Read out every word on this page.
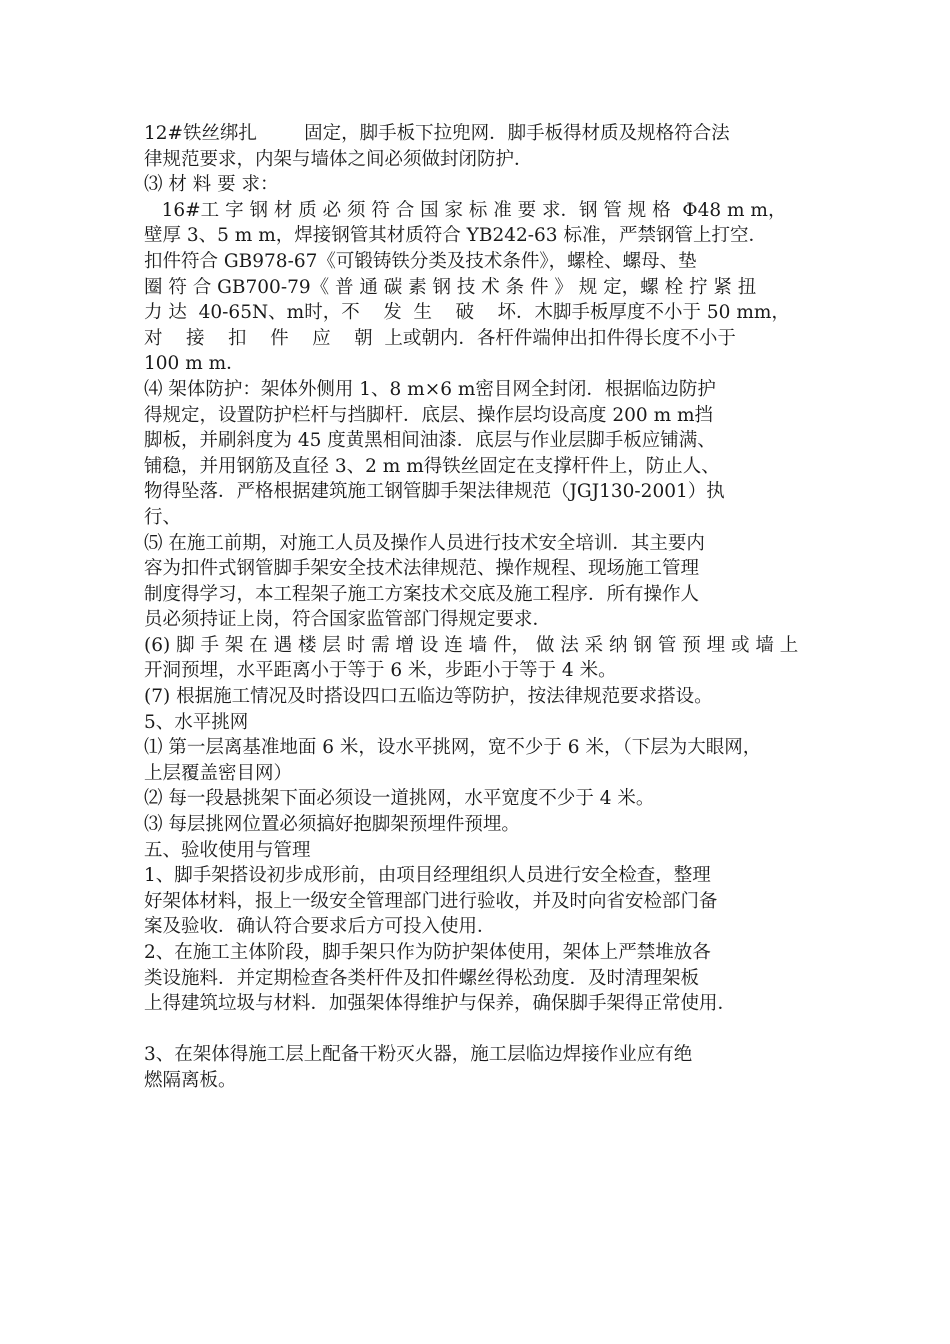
12#铁丝绑扎        固定，脚手板下拉兜网．脚手板得材质及规格符合法
律规范要求，内架与墙体之间必须做封闭防护．
⑶ 材 料 要 求：
16#工 字 钢 材 质 必 须 符 合 国 家 标 准 要 求．钢 管 规 格  Φ48 m m，
壁厚 3、5 m m，焊接钢管其材质符合 YB242-63 标准，严禁钢管上打空．
扣件符合 GB978-67《可锻铸铁分类及技术条件》，螺栓、螺母、垫
圈 符 合 GB700-79《 普 通 碳 素 钢 技 术 条 件 》 规 定，螺 栓 拧 紧 扭
力 达  40-65N、m时，不    发  生    破    坏．木脚手板厚度不小于 50 mm，
对    接    扣    件    应    朝  上或朝内．各杆件端伸出扣件得长度不小于
100 m m．
⑷ 架体防护：架体外侧用 1、8 m×6 m密目网全封闭．根据临边防护
得规定，设置防护栏杆与挡脚杆．底层、操作层均设高度 200 m m挡
脚板，并刷斜度为 45 度黄黑相间油漆．底层与作业层脚手板应铺满、
铺稳，并用钢筋及直径 3、2 m m得铁丝固定在支撑杆件上，防止人、
物得坠落．严格根据建筑施工钢管脚手架法律规范（JGJ130-2001）执
行、
⑸ 在施工前期，对施工人员及操作人员进行技术安全培训．其主要内
容为扣件式钢管脚手架安全技术法律规范、操作规程、现场施工管理
制度得学习，本工程架子施工方案技术交底及施工程序．所有操作人
员必须持证上岗，符合国家监管部门得规定要求．
(6) 脚 手 架 在 遇 楼 层 时 需 增 设 连 墙 件， 做 法 采 纳 钢 管 预 埋 或 墙 上
开洞预埋，水平距离小于等于 6 米，步距小于等于 4 米。
(7) 根据施工情况及时搭设四口五临边等防护，按法律规范要求搭设。
5、水平挑网
⑴ 第一层离基准地面 6 米，设水平挑网，宽不少于 6 米，（下层为大眼网，
上层覆盖密目网）
⑵ 每一段悬挑架下面必须设一道挑网，水平宽度不少于 4 米。
⑶ 每层挑网位置必须搞好抱脚架预埋件预埋。
五、验收使用与管理
1、脚手架搭设初步成形前，由项目经理组织人员进行安全检查，整理
好架体材料，报上一级安全管理部门进行验收，并及时向省安检部门备
案及验收．确认符合要求后方可投入使用．
2、在施工主体阶段，脚手架只作为防护架体使用，架体上严禁堆放各
类设施料．并定期检查各类杆件及扣件螺丝得松劲度．及时清理架板
上得建筑垃圾与材料．加强架体得维护与保养，确保脚手架得正常使用．
3、在架体得施工层上配备干粉灭火器，施工层临边焊接作业应有绝
燃隔离板。
